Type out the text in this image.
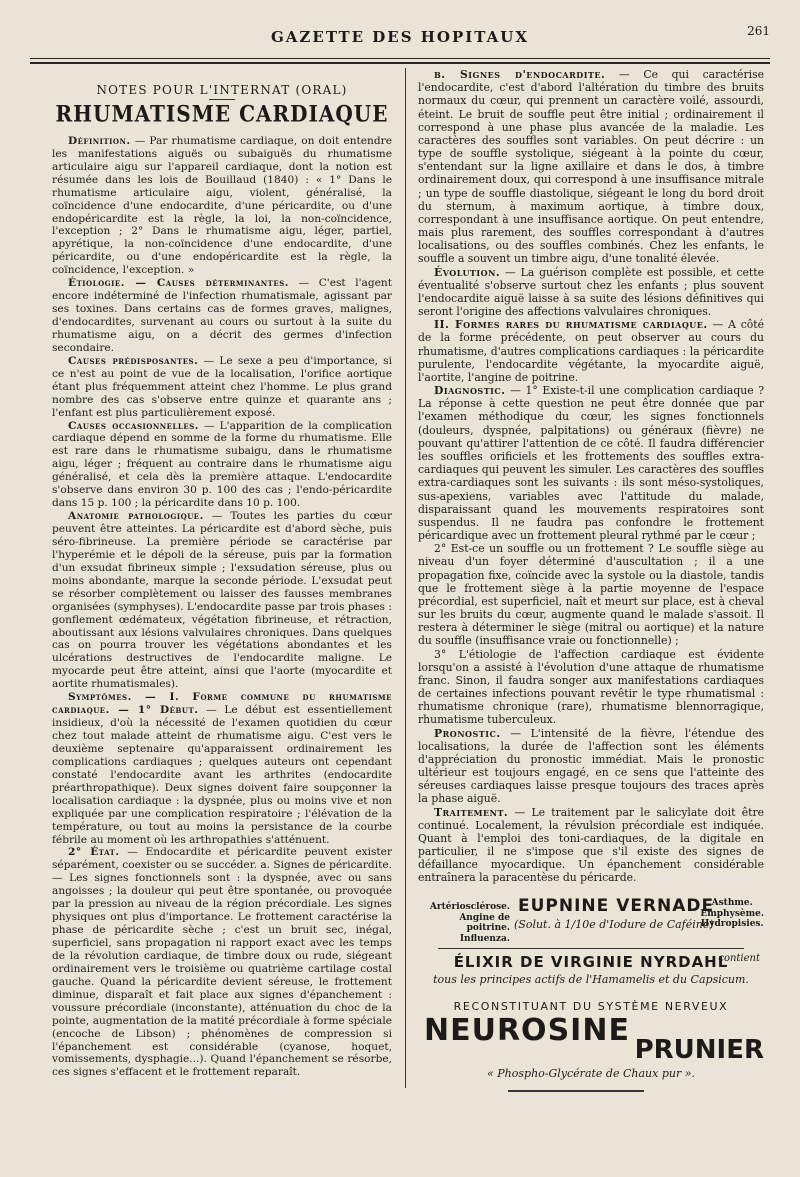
GAZETTE DES HOPITAUX	261
NOTES POUR L'INTERNAT (ORAL)
RHUMATISME CARDIAQUE

Définition. — Par rhumatisme cardiaque, on doit entendre les manifestations aiguës ou subaiguës du rhumatisme articulaire aigu sur l'appareil cardiaque, dont la notion est résumée dans les lois de Bouillaud (1840) : « 1° Dans le rhumatisme articulaire aigu, violent, généralisé, la coïncidence d'une endocardite, d'une péricardite, ou d'une endopéricardite est la règle, la loi, la non-coïncidence, l'exception ; 2° Dans le rhumatisme aigu, léger, partiel, apyrétique, la non-coïncidence d'une endocardite, d'une péricardite, ou d'une endopéricardite est la règle, la coïncidence, l'exception. »

Étiologie. — Causes déterminantes. — C'est l'agent encore indéterminé de l'infection rhumatismale, agissant par ses toxines. Dans certains cas de formes graves, malignes, d'endocardites, survenant au cours ou surtout à la suite du rhumatisme aigu, on a décrit des germes d'infection secondaire.

Causes prédisposantes. — Le sexe a peu d'importance, si ce n'est au point de vue de la localisation, l'orifice aortique étant plus fréquemment atteint chez l'homme. Le plus grand nombre des cas s'observe entre quinze et quarante ans ; l'enfant est plus particulièrement exposé.

Causes occasionnelles. — L'apparition de la complication cardiaque dépend en somme de la forme du rhumatisme. Elle est rare dans le rhumatisme subaigu, dans le rhumatisme aigu, léger ; fréquent au contraire dans le rhumatisme aigu généralisé, et cela dès la première attaque. L'endocardite s'observe dans environ 30 p. 100 des cas ; l'endo-péricardite dans 15 p. 100 ; la péricardite dans 10 p. 100.

Anatomie pathologique. — Toutes les parties du cœur peuvent être atteintes. La péricardite est d'abord sèche, puis séro-fibrineuse. La première période se caractérise par l'hyperémie et le dépoli de la séreuse, puis par la formation d'un exsudat fibrineux simple ; l'exsudation séreuse, plus ou moins abondante, marque la seconde période. L'exsudat peut se résorber complètement ou laisser des fausses membranes organisées (symphyses). L'endocardite passe par trois phases : gonflement œdémateux, végétation fibrineuse, et rétraction, aboutissant aux lésions valvulaires chroniques. Dans quelques cas on pourra trouver les végétations abondantes et les ulcérations destructives de l'endocardite maligne. Le myocarde peut être atteint, ainsi que l'aorte (myocardite et aortite rhumatismales).

Symptômes. — I. Forme commune du rhumatisme cardiaque. — 1° Début. — Le début est essentiellement insidieux, d'où la nécessité de l'examen quotidien du cœur chez tout malade atteint de rhumatisme aigu. C'est vers le deuxième septenaire qu'apparaissent ordinairement les complications cardiaques ; quelques auteurs ont cependant constaté l'endocardite avant les arthrites (endocardite préarthropathique). Deux signes doivent faire soupçonner la localisation cardiaque : la dyspnée, plus ou moins vive et non expliquée par une complication respiratoire ; l'élévation de la température, ou tout au moins la persistance de la courbe fébrile au moment où les arthropathies s'atténuent.

2° État. — Endocardite et péricardite peuvent exister séparément, coexister ou se succéder. a. Signes de péricardite. — Les signes fonctionnels sont : la dyspnée, avec ou sans angoisses ; la douleur qui peut être spontanée, ou provoquée par la pression au niveau de la région précordiale. Les signes physiques ont plus d'importance. Le frottement caractérise la phase de péricardite sèche ; c'est un bruit sec, inégal, superficiel, sans propagation ni rapport exact avec les temps de la révolution cardiaque, de timbre doux ou rude, siégeant ordinairement vers le troisième ou quatrième cartilage costal gauche. Quand la péricardite devient séreuse, le frottement diminue, disparaît et fait place aux signes d'épanchement : voussure précordiale (inconstante), atténuation du choc de la pointe, augmentation de la matité précordiale à forme spéciale (encoche de Libson) ; phénomènes de compression si l'épanchement est considérable (cyanose, hoquet, vomissements, dysphagie...). Quand l'épanchement se résorbe, ces signes s'effacent et le frottement reparaît.

b. Signes d'endocardite. — Ce qui caractérise l'endocardite, c'est d'abord l'altération du timbre des bruits normaux du cœur, qui prennent un caractère voilé, assourdi, éteint. Le bruit de souffle peut être initial ; ordinairement il correspond à une phase plus avancée de la maladie. Les caractères des souffles sont variables. On peut décrire : un type de souffle systolique, siégeant à la pointe du cœur, s'entendant sur la ligne axillaire et dans le dos, à timbre ordinairement doux, qui correspond à une insuffisance mitrale ; un type de souffle diastolique, siégeant le long du bord droit du sternum, à maximum aortique, à timbre doux, correspondant à une insuffisance aortique. On peut entendre, mais plus rarement, des souffles correspondant à d'autres localisations, ou des souffles combinés. Chez les enfants, le souffle a souvent un timbre aigu, d'une tonalité élevée.

Évolution. — La guérison complète est possible, et cette éventualité s'observe surtout chez les enfants ; plus souvent l'endocardite aiguë laisse à sa suite des lésions définitives qui seront l'origine des affections valvulaires chroniques.

II. Formes rares du rhumatisme cardiaque. — A côté de la forme précédente, on peut observer au cours du rhumatisme, d'autres complications cardiaques : la péricardite purulente, l'endocardite végétante, la myocardite aiguë, l'aortite, l'angine de poitrine.

Diagnostic. — 1° Existe-t-il une complication cardiaque ? La réponse à cette question ne peut être donnée que par l'examen méthodique du cœur, les signes fonctionnels (douleurs, dyspnée, palpitations) ou généraux (fièvre) ne pouvant qu'attirer l'attention de ce côté. Il faudra différencier les souffles orificiels et les frottements des souffles extra-cardiaques qui peuvent les simuler. Les caractères des souffles extra-cardiaques sont les suivants : ils sont méso-systoliques, sus-apexiens, variables avec l'attitude du malade, disparaissant quand les mouvements respiratoires sont suspendus. Il ne faudra pas confondre le frottement péricardique avec un frottement pleural rythmé par le cœur ;

2° Est-ce un souffle ou un frottement ? Le souffle siège au niveau d'un foyer déterminé d'auscultation ; il a une propagation fixe, coïncide avec la systole ou la diastole, tandis que le frottement siège à la partie moyenne de l'espace précordial, est superficiel, naît et meurt sur place, est à cheval sur les bruits du cœur, augmente quand le malade s'assoit. Il restera à déterminer le siège (mitral ou aortique) et la nature du souffle (insuffisance vraie ou fonctionnelle) ;

3° L'étiologie de l'affection cardiaque est évidente lorsqu'on a assisté à l'évolution d'une attaque de rhumatisme franc. Sinon, il faudra songer aux manifestations cardiaques de certaines infections pouvant revêtir le type rhumatismal : rhumatisme chronique (rare), rhumatisme blennorragique, rhumatisme tuberculeux.

Pronostic. — L'intensité de la fièvre, l'étendue des localisations, la durée de l'affection sont les éléments d'appréciation du pronostic immédiat. Mais le pronostic ultérieur est toujours engagé, en ce sens que l'atteinte des séreuses cardiaques laisse presque toujours des traces après la phase aiguë.

Traitement. — Le traitement par le salicylate doit être continué. Localement, la révulsion précordiale est indiquée. Quant à l'emploi des toni-cardiaques, de la digitale en particulier, il ne s'impose que s'il existe des signes de défaillance myocardique. Un épanchement considérable entraînera la paracentèse du péricarde.

Artériosclérose.
Angine de poitrine.
Influenza.
EUPNINE VERNADE
(Solut. à 1/10e d'Iodure de Caféine)
Asthme.
Emphysème.
Hydropisies.
ÉLIXIR DE VIRGINIE NYRDAHL
contient
tous les principes actifs de l'Hamamelis et du Capsicum.
RECONSTITUANT DU SYSTÈME NERVEUX
NEUROSINE
PRUNIER
« Phospho-Glycérate de Chaux pur ».
